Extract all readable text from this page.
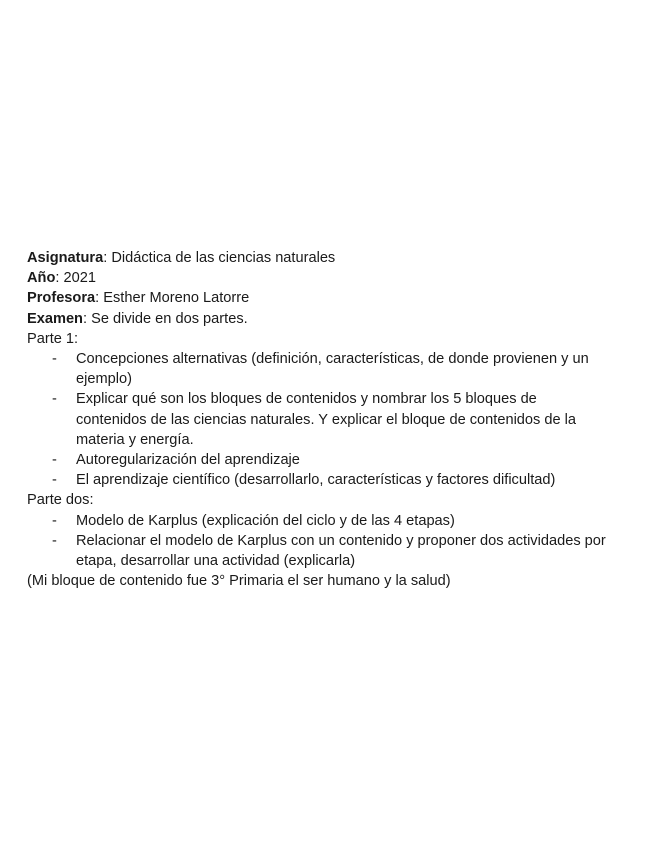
Asignatura: Didáctica de las ciencias naturales

Año: 2021

Profesora: Esther Moreno Latorre

Examen: Se divide en dos partes.

Parte 1:

- Concepciones alternativas (definición, características, de donde provienen y un ejemplo)
- Explicar qué son los bloques de contenidos y nombrar los 5 bloques de contenidos de las ciencias naturales. Y explicar el bloque de contenidos de la materia y energía.
- Autoregularización del aprendizaje
- El aprendizaje científico (desarrollarlo, características y factores dificultad)

Parte dos:

- Modelo de Karplus (explicación del ciclo y de las 4 etapas)
- Relacionar el modelo de Karplus con un contenido y proponer dos actividades por etapa, desarrollar una actividad (explicarla)

(Mi bloque de contenido fue 3° Primaria el ser humano y la salud)
